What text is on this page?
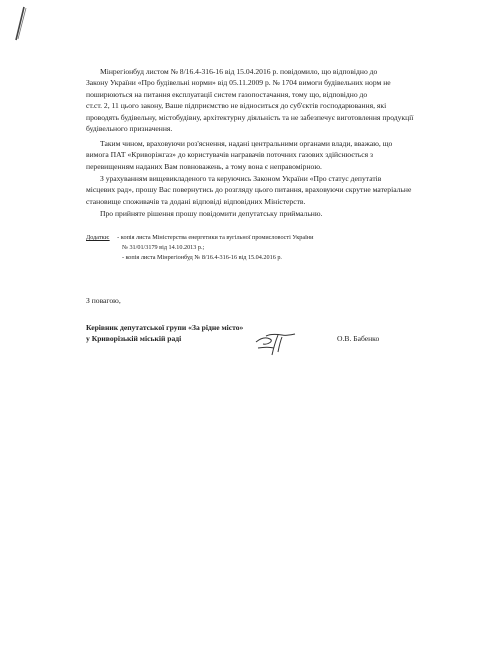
Мінрегіонбуд листом № 8/16.4-316-16 від 15.04.2016 р. повідомило, що відповідно до
Закону України «Про будівельні норми» від 05.11.2009 р. № 1704 вимоги будівельних норм не
поширюються на питання експлуатації систем газопостачання, тому що, відповідно до
ст.ст. 2, 11 цього закону, Ваше підприємство не відноситься до суб'єктів господарювання, які
проводять будівельну, містобудівну, архітектурну діяльність та не забезпечує виготовлення продукції
будівельного призначення.
Таким чином, враховуючи роз'яснення, надані центральними органами влади, вважаю, що
вимога ПАТ «Криворіжгаз» до користувачів награвачів поточних газових здійснюється з
перевищенням наданих Вам повноважень, а тому вона є неправомірною.
З урахуванням вищевикладеного та керуючись Законом України «Про статус депутатів
місцевих рад», прошу Вас повернутись до розгляду цього питання, враховуючи скрутне матеріальне
становище споживачів та додані відповіді відповідних Міністерств.
Про прийняте рішення прошу повідомити депутатську приймальню.
Додатки: - копія листа Міністерства енергетики та вугільної промисловості України
№ 31/01/3179 від 14.10.2013 р.;
- копія листа Мінрегіонбуд № 8/16.4-316-16 від 15.04.2016 р.
З повагою,
Керівник депутатської групи «За рідне місто»
у Криворізькій міській раді	О.В. Бабенко
